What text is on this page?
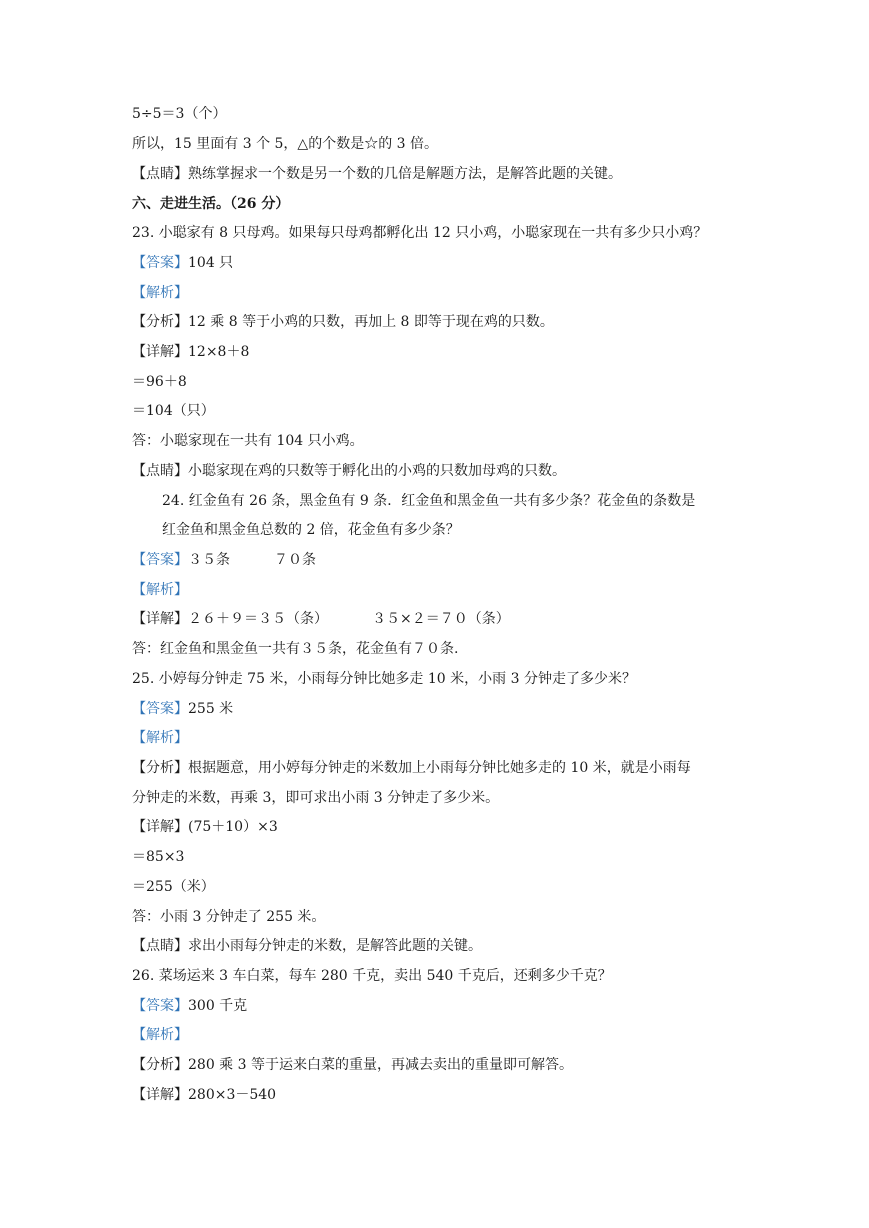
5÷5＝3（个）
所以，15 里面有 3 个 5，△的个数是☆的 3 倍。
【点睛】熟练掌握求一个数是另一个数的几倍是解题方法，是解答此题的关键。
六、走进生活。（26 分）
23. 小聪家有 8 只母鸡。如果每只母鸡都孵化出 12 只小鸡，小聪家现在一共有多少只小鸡？
【答案】104 只
【解析】
【分析】12 乘 8 等于小鸡的只数，再加上 8 即等于现在鸡的只数。
【详解】12×8＋8
＝96＋8
＝104（只）
答：小聪家现在一共有 104 只小鸡。
【点睛】小聪家现在鸡的只数等于孵化出的小鸡的只数加母鸡的只数。
24. 红金鱼有 26 条，黑金鱼有 9 条．红金鱼和黑金鱼一共有多少条？花金鱼的条数是
红金鱼和黑金鱼总数的 2 倍，花金鱼有多少条？
【答案】３５条	７０条
【解析】
【详解】２６＋９＝３５（条）	３５×２＝７０（条）
答：红金鱼和黑金鱼一共有３５条，花金鱼有７０条.
25. 小婷每分钟走 75 米，小雨每分钟比她多走 10 米，小雨 3 分钟走了多少米？
【答案】255 米
【解析】
【分析】根据题意，用小婷每分钟走的米数加上小雨每分钟比她多走的 10 米，就是小雨每
分钟走的米数，再乘 3，即可求出小雨 3 分钟走了多少米。
【详解】(75＋10）×3
＝85×3
＝255（米）
答：小雨 3 分钟走了 255 米。
【点睛】求出小雨每分钟走的米数，是解答此题的关键。
26. 菜场运来 3 车白菜，每车 280 千克，卖出 540 千克后，还剩多少千克？
【答案】300 千克
【解析】
【分析】280 乘 3 等于运来白菜的重量，再减去卖出的重量即可解答。
【详解】280×3－540
